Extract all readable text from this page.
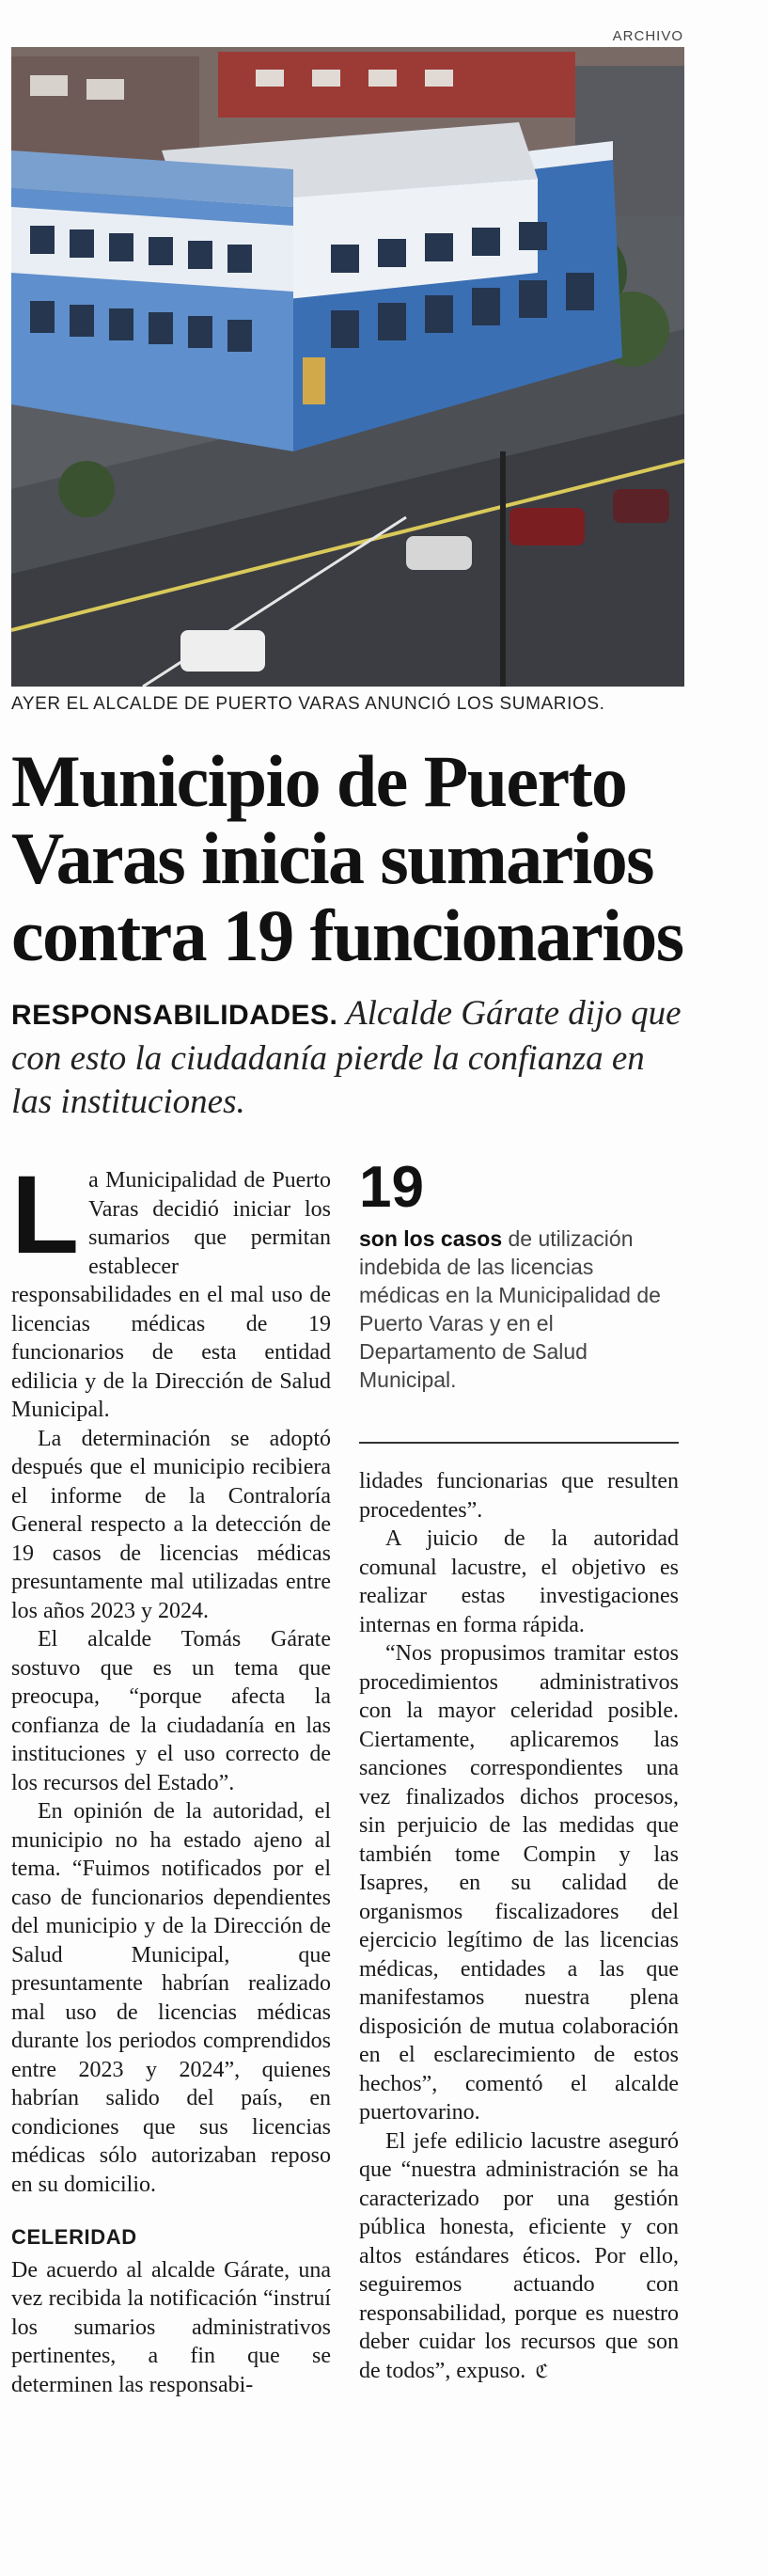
ARCHIVO
AYER EL ALCALDE DE PUERTO VARAS ANUNCIÓ LOS SUMARIOS.
Municipio de Puerto Varas inicia sumarios contra 19 funcionarios

RESPONSABILIDADES. Alcalde Gárate dijo que con esto la ciudadanía pierde la confianza en las instituciones.

La Municipalidad de Puerto Varas decidió iniciar los sumarios que permitan establecer responsabilidades en el mal uso de licencias médicas de 19 funcionarios de esta entidad edilicia y de la Dirección de Salud Municipal.

La determinación se adoptó después que el municipio recibiera el informe de la Contraloría General respecto a la detección de 19 casos de licencias médicas presuntamente mal utilizadas entre los años 2023 y 2024.

El alcalde Tomás Gárate sostuvo que es un tema que preocupa, “porque afecta la confianza de la ciudadanía en las instituciones y el uso correcto de los recursos del Estado”.

En opinión de la autoridad, el municipio no ha estado ajeno al tema. “Fuimos notificados por el caso de funcionarios dependientes del municipio y de la Dirección de Salud Municipal, que presuntamente habrían realizado mal uso de licencias médicas durante los periodos comprendidos entre 2023 y 2024”, quienes habrían salido del país, en condiciones que sus licencias médicas sólo autorizaban reposo en su domicilio.

CELERIDAD

De acuerdo al alcalde Gárate, una vez recibida la notificación “instruí los sumarios administrativos pertinentes, a fin que se determinen las responsabi-

19
son los casos de utilización indebida de las licencias médicas en la Municipalidad de Puerto Varas y en el Departamento de Salud Municipal.

lidades funcionarias que resulten procedentes”.

A juicio de la autoridad comunal lacustre, el objetivo es realizar estas investigaciones internas en forma rápida.

“Nos propusimos tramitar estos procedimientos administrativos con la mayor celeridad posible. Ciertamente, aplicaremos las sanciones correspondientes una vez finalizados dichos procesos, sin perjuicio de las medidas que también tome Compin y las Isapres, en su calidad de organismos fiscalizadores del ejercicio legítimo de las licencias médicas, entidades a las que manifestamos nuestra plena disposición de mutua colaboración en el esclarecimiento de estos hechos”, comentó el alcalde puertovarino.

El jefe edilicio lacustre aseguró que “nuestra administración se ha caracterizado por una gestión pública honesta, eficiente y con altos estándares éticos. Por ello, seguiremos actuando con responsabilidad, porque es nuestro deber cuidar los recursos que son de todos”, expuso. ℭ
